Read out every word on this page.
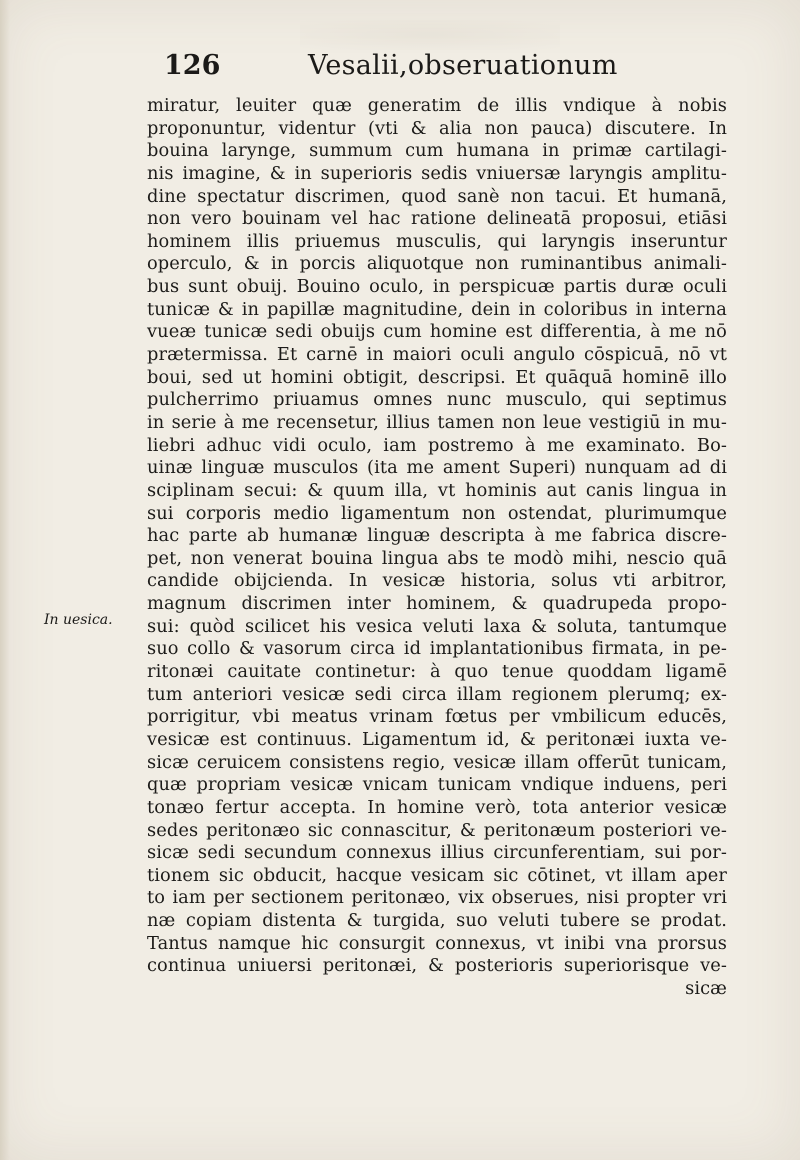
126	Vesalii,obseruationum
In uesica.
miratur, leuiter quæ generatim de illis vndique à nobis
proponuntur, videntur (vti & alia non pauca) discutere. In
bouina larynge, summum cum humana in primæ cartilagi-
nis imagine, & in superioris sedis vniuersæ laryngis amplitu-
dine spectatur discrimen, quod sanè non tacui. Et humanā,
non vero bouinam vel hac ratione delineatā proposui, etiāsi
hominem illis priuemus musculis, qui laryngis inseruntur
operculo, & in porcis aliquotque non ruminantibus animali-
bus sunt obuij. Bouino oculo, in perspicuæ partis duræ oculi
tunicæ & in papillæ magnitudine, dein in coloribus in interna
vueæ tunicæ sedi obuijs cum homine est differentia, à me nō
prætermissa. Et carnē in maiori oculi angulo cōspicuā, nō vt
boui, sed ut homini obtigit, descripsi. Et quāquā hominē illo
pulcherrimo priuamus omnes nunc musculo, qui septimus
in serie à me recensetur, illius tamen non leue vestigiū in mu-
liebri adhuc vidi oculo, iam postremo à me examinato. Bo-
uinæ linguæ musculos (ita me ament Superi) nunquam ad di
sciplinam secui: & quum illa, vt hominis aut canis lingua in
sui corporis medio ligamentum non ostendat, plurimumque
hac parte ab humanæ linguæ descripta à me fabrica discre-
pet, non venerat bouina lingua abs te modò mihi, nescio quā
candide obijcienda. In vesicæ historia, solus vti arbitror,
magnum discrimen inter hominem, & quadrupeda propo-
sui: quòd scilicet his vesica veluti laxa & soluta, tantumque
suo collo & vasorum circa id implantationibus firmata, in pe-
ritonæi cauitate continetur: à quo tenue quoddam ligamē
tum anteriori vesicæ sedi circa illam regionem plerumq; ex-
porrigitur, vbi meatus vrinam fœtus per vmbilicum educēs,
vesicæ est continuus. Ligamentum id, & peritonæi iuxta ve-
sicæ ceruicem consistens regio, vesicæ illam offerūt tunicam,
quæ propriam vesicæ vnicam tunicam vndique induens, peri
tonæo fertur accepta. In homine verò, tota anterior vesicæ
sedes peritonæo sic connascitur, & peritonæum posteriori ve-
sicæ sedi secundum connexus illius circunferentiam, sui por-
tionem sic obducit, hacque vesicam sic cōtinet, vt illam aper
to iam per sectionem peritonæo, vix obserues, nisi propter vri
næ copiam distenta & turgida, suo veluti tubere se prodat.
Tantus namque hic consurgit connexus, vt inibi vna prorsus
continua uniuersi peritonæi, & posterioris superiorisque ve-
sicæ
